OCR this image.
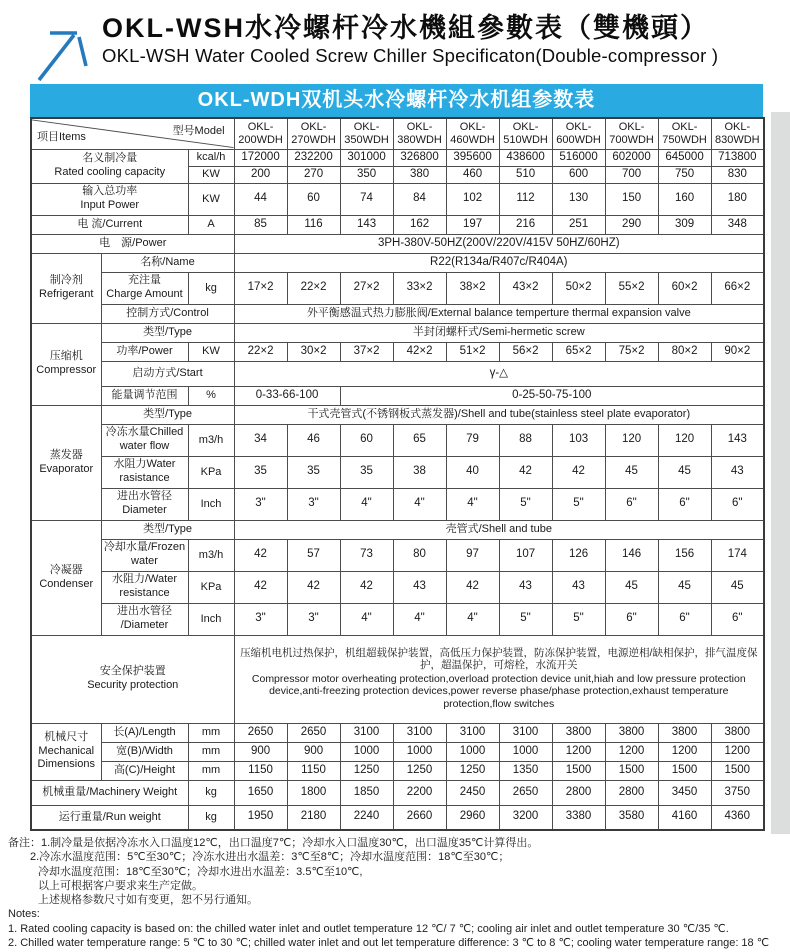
OKL-WSH水冷螺杆冷水機組參數表（雙機頭）
OKL-WSH Water Cooled Screw Chiller Specificaton(Double-compressor )
OKL-WDH双机头水冷螺杆冷水机组参数表
项目Items	型号Model	OKL-
200WDH

OKL-
270WDH

OKL-
350WDH

OKL-
380WDH

OKL-
460WDH

OKL-
510WDH

OKL-
600WDH

OKL-
700WDH

OKL-
750WDH

OKL-
830WDH

名义制冷量
Rated cooling capacity		kcal/h	172000	232200	301000	326800	395600	438600	516000	602000	645000	713800
		KW	200	270	350	380	460	510	600	700	750	830

输入总功率
Input Power		KW	44	60	74	84	102	112	130	150	160	180
电 流/Current		A	85	116	143	162	197	216	251	290	309	348
电　源/Power			3PH-380V-50HZ(200V/220V/415V 50HZ/60HZ)									

制冷剂
Refrigerant	名称/Name		R22(R134a/R407c/R404A)									

	充注量
Charge Amount	kg	17×2	22×2	27×2	33×2	38×2	43×2	50×2	55×2	60×2	66×2
	控制方式/Control		外平衡感温式热力膨胀阀/External balance temperture thermal expansion valve									

压缩机
Compressor	类型/Type		半封闭螺杆式/Semi-hermetic screw									
	功率/Power	KW	22×2	30×2	37×2	42×2	51×2	56×2	65×2	75×2	80×2	90×2
	启动方式/Start		γ-△									
	能量调节范围	%	0-33-66-100		0-25-50-75-100							

蒸发器
Evaporator	类型/Type		干式壳管式(不锈钢板式蒸发器)/Shell and tube(stainless steel plate evaporator)									

	冷冻水量Chilled
water flow	m3/h	34	46	60	65	79	88	103	120	120	143

	水阻力Water
rasistance	KPa	35	35	35	38	40	42	42	45	45	43

	进出水管径
Diameter	Inch	3"	3"	4"	4"	4"	5"	5"	6"	6"	6"

冷凝器
Condenser	类型/Type		壳管式/Shell and tube									

	冷却水量/Frozen
water	m3/h	42	57	73	80	97	107	126	146	156	174

	水阻力/Water
resistance	KPa	42	42	42	43	42	43	43	45	45	45

	进出水管径
/Diameter	Inch	3"	3"	4"	4"	4"	5"	5"	6"	6"	6"

安全保护装置
Security protection

压缩机电机过热保护，机组超载保护装置，高低压力保护装置，防冻保护装置，电源逆相/缺相保护，排气温度保护，超温保护，可熔栓，水流开关
Compressor motor overheating protection,overload protection device unit,hiah and low pressure protection device,anti-freezing protection devices,power reverse phase/phase protection,exhaust temperature protection,flow switches

机械尺寸
Mechanical Dimensions	长(A)/Length	mm	2650	2650	3100	3100	3100	3100	3800	3800	3800	3800
	宽(B)/Width	mm	900	900	1000	1000	1000	1000	1200	1200	1200	1200
	高(C)/Height	mm	1150	1150	1250	1250	1250	1350	1500	1500	1500	1500
机械重量/Machinery Weight		kg	1650	1800	1850	2200	2450	2650	2800	2800	3450	3750
运行重量/Run weight		kg	1950	2180	2240	2660	2960	3200	3380	3580	4160	4360
备注：1.制冷量是依据冷冻水入口温度12℃，出口温度7℃；冷却水入口温度30℃，出口温度35℃计算得出。
2.冷冻水温度范围：5℃至30℃；冷冻水进出水温差：3℃至8℃；冷却水温度范围：18℃至30℃；
冷却水温度范围：18℃至30℃；冷却水进出水温差：3.5℃至10℃,
以上可根据客户要求来生产定做。
上述规格参数尺寸如有变更，恕不另行通知。
Notes:
1. Rated cooling capacity is based on: the chilled water inlet and outlet temperature 12 ℃/ 7 ℃; cooling air inlet and outlet temperature 30 ℃/35 ℃.
2. Chilled water temperature range: 5 ℃ to 30 ℃; chilled water inlet and out let temperature difference: 3 ℃ to 8 ℃; cooling water temperature range: 18 ℃
